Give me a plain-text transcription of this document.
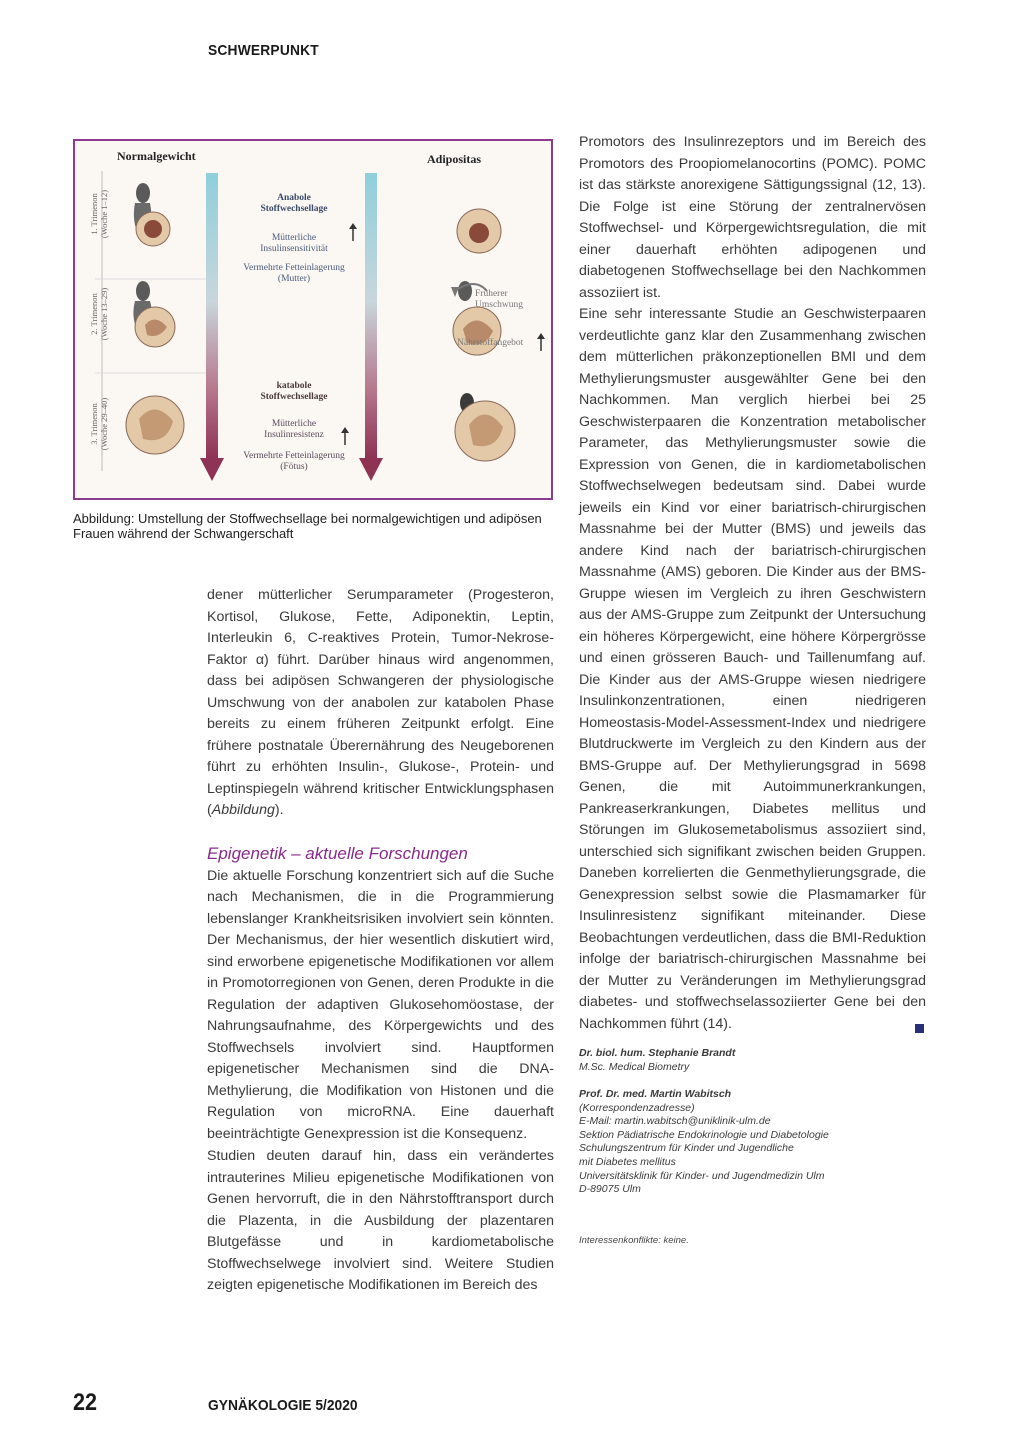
SCHWERPUNKT
Normalgewicht	Adipositas
1. Trimenon
(Woche 1–12)
2. Trimenon
(Woche 13–29)
3. Trimenon
(Woche 29–40)
Anabole
Stoffwechsellage
Mütterliche
Insulinsensitivität
Vermehrte Fetteinlagerung
(Mutter)
katabole
Stoffwechsellage
Mütterliche
Insulinresistenz
Vermehrte Fetteinlagerung
(Fötus)
Früherer
Umschwung
Nährstoffangebot
Abbildung: Umstellung der Stoffwechsellage bei normalgewichtigen und adipösen Frauen während der Schwangerschaft

dener mütterlicher Serumparameter (Progesteron, Kortisol, Glukose, Fette, Adiponektin, Leptin, Interleukin 6, C-reaktives Protein, Tumor-Nekrose-Faktor α) führt. Darüber hinaus wird angenommen, dass bei adipösen Schwangeren der physiologische Umschwung von der anabolen zur katabolen Phase bereits zu einem früheren Zeitpunkt erfolgt. Eine frühere postnatale Überernährung des Neugeborenen führt zu erhöhten Insulin-, Glukose-, Protein- und Leptinspiegeln während kritischer Entwicklungsphasen (Abbildung).

Epigenetik – aktuelle Forschungen

Die aktuelle Forschung konzentriert sich auf die Suche nach Mechanismen, die in die Programmierung lebenslanger Krankheitsrisiken involviert sein könnten. Der Mechanismus, der hier wesentlich diskutiert wird, sind erworbene epigenetische Modifikationen vor allem in Promotorregionen von Genen, deren Produkte in die Regulation der adaptiven Glukosehomöostase, der Nahrungsaufnahme, des Körpergewichts und des Stoffwechsels involviert sind. Hauptformen epigenetischer Mechanismen sind die DNA-Methylierung, die Modifikation von Histonen und die Regulation von microRNA. Eine dauerhaft beeinträchtigte Genexpression ist die Konsequenz.

Studien deuten darauf hin, dass ein verändertes intrauterines Milieu epigenetische Modifikationen von Genen hervorruft, die in den Nährstofftransport durch die Plazenta, in die Ausbildung der plazentaren Blutgefässe und in kardiometabolische Stoffwechselwege involviert sind. Weitere Studien zeigten epigenetische Modifikationen im Bereich des

Promotors des Insulinrezeptors und im Bereich des Promotors des Proopiomelanocortins (POMC). POMC ist das stärkste anorexigene Sättigungssignal (12, 13). Die Folge ist eine Störung der zentralnervösen Stoffwechsel- und Körpergewichtsregulation, die mit einer dauerhaft erhöhten adipogenen und diabetogenen Stoffwechsellage bei den Nachkommen assoziiert ist.

Eine sehr interessante Studie an Geschwisterpaaren verdeutlichte ganz klar den Zusammenhang zwischen dem mütterlichen präkonzeptionellen BMI und dem Methylierungsmuster ausgewählter Gene bei den Nachkommen. Man verglich hierbei bei 25 Geschwisterpaaren die Konzentration metabolischer Parameter, das Methylierungsmuster sowie die Expression von Genen, die in kardiometabolischen Stoffwechselwegen bedeutsam sind. Dabei wurde jeweils ein Kind vor einer bariatrisch-chirurgischen Massnahme bei der Mutter (BMS) und jeweils das andere Kind nach der bariatrisch-chirurgischen Massnahme (AMS) geboren. Die Kinder aus der BMS-Gruppe wiesen im Vergleich zu ihren Geschwistern aus der AMS-Gruppe zum Zeitpunkt der Untersuchung ein höheres Körpergewicht, eine höhere Körpergrösse und einen grösseren Bauch- und Taillenumfang auf. Die Kinder aus der AMS-Gruppe wiesen niedrigere Insulinkonzentrationen, einen niedrigeren Homeostasis-Model-Assessment-Index und niedrigere Blutdruckwerte im Vergleich zu den Kindern aus der BMS-Gruppe auf. Der Methylierungsgrad in 5698 Genen, die mit Autoimmunerkrankungen, Pankreaserkrankungen, Diabetes mellitus und Störungen im Glukosemetabolismus assoziiert sind, unterschied sich signifikant zwischen beiden Gruppen. Daneben korrelierten die Genmethylierungsgrade, die Genexpression selbst sowie die Plasmamarker für Insulinresistenz signifikant miteinander. Diese Beobachtungen verdeutlichen, dass die BMI-Reduktion infolge der bariatrisch-chirurgischen Massnahme bei der Mutter zu Veränderungen im Methylierungsgrad diabetes- und stoffwechselassoziierter Gene bei den Nachkommen führt (14).

Dr. biol. hum. Stephanie Brandt
M.Sc. Medical Biometry
Prof. Dr. med. Martin Wabitsch
(Korrespondenzadresse)
E-Mail: martin.wabitsch@uniklinik-ulm.de
Sektion Pädiatrische Endokrinologie und Diabetologie
Schulungszentrum für Kinder und Jugendliche
mit Diabetes mellitus
Universitätsklinik für Kinder- und Jugendmedizin Ulm
D-89075 Ulm
Interessenkonflikte: keine.
22	GYNÄKOLOGIE 5/2020
